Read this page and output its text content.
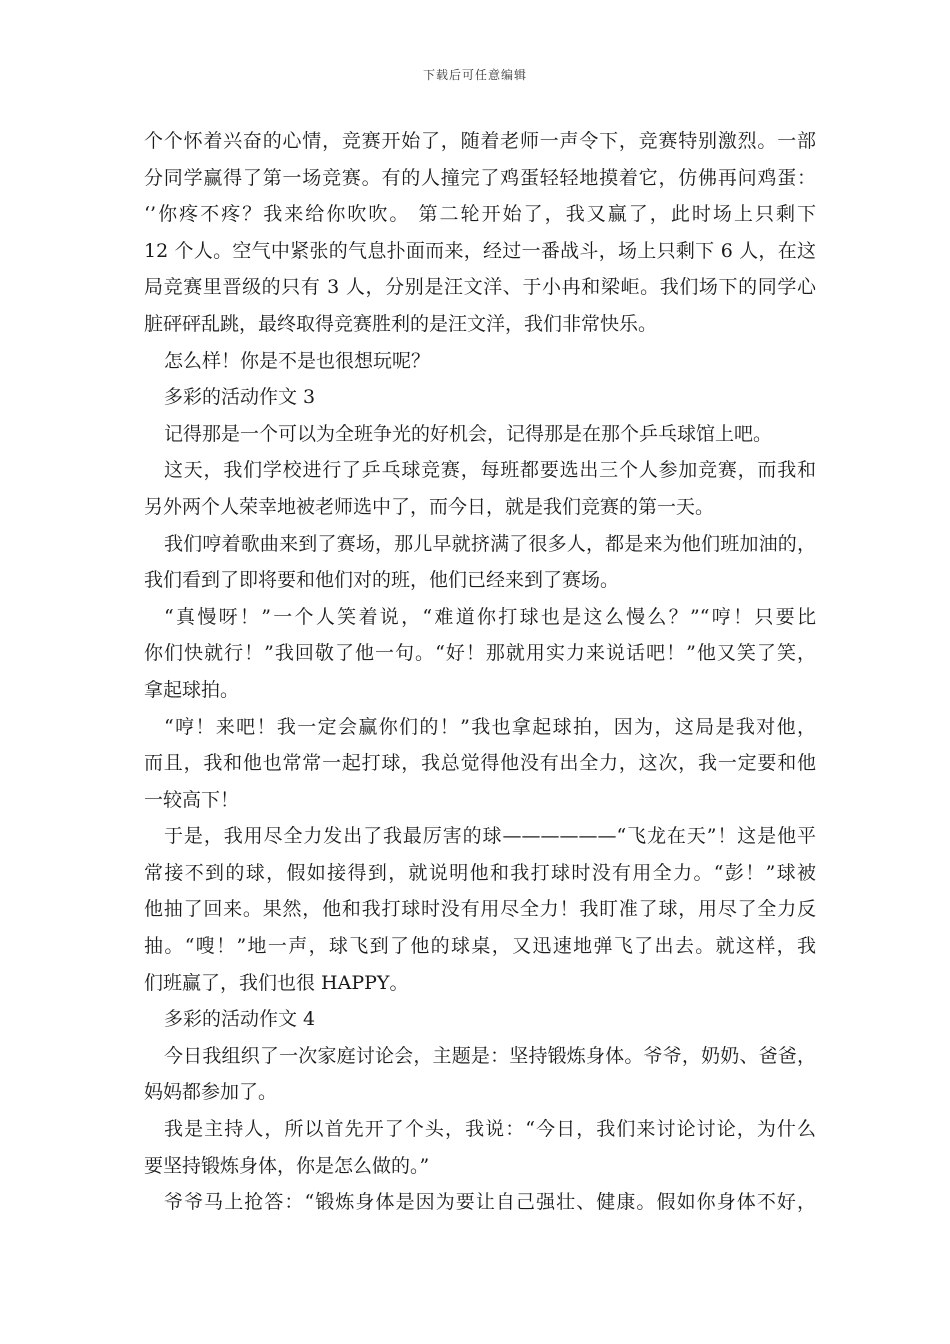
下载后可任意编辑
个个怀着兴奋的心情，竞赛开始了，随着老师一声令下，竞赛特别激烈。一部
分同学赢得了第一场竞赛。有的人撞完了鸡蛋轻轻地摸着它，仿佛再问鸡蛋：
‘’你疼不疼？我来给你吹吹。 第二轮开始了，我又赢了，此时场上只剩下
12 个人。空气中紧张的气息扑面而来，经过一番战斗，场上只剩下 6 人，在这
局竞赛里晋级的只有 3 人，分别是汪文洋、于小冉和梁岠。我们场下的同学心
脏砰砰乱跳，最终取得竞赛胜利的是汪文洋，我们非常快乐。
怎么样！你是不是也很想玩呢？
多彩的活动作文 3
记得那是一个可以为全班争光的好机会，记得那是在那个乒乓球馆上吧。
这天，我们学校进行了乒乓球竞赛，每班都要选出三个人参加竞赛，而我和
另外两个人荣幸地被老师选中了，而今日，就是我们竞赛的第一天。
我们哼着歌曲来到了赛场，那儿早就挤满了很多人，都是来为他们班加油的，
我们看到了即将要和他们对的班，他们已经来到了赛场。
“真慢呀！”一个人笑着说，“难道你打球也是这么慢么？”“哼！只要比
你们快就行！”我回敬了他一句。“好！那就用实力来说话吧！”他又笑了笑，
拿起球拍。
“哼！来吧！我一定会赢你们的！”我也拿起球拍，因为，这局是我对他，
而且，我和他也常常一起打球，我总觉得他没有出全力，这次，我一定要和他
一较高下！
于是，我用尽全力发出了我最厉害的球——————“飞龙在天”！这是他平
常接不到的球，假如接得到，就说明他和我打球时没有用全力。“彭！”球被
他抽了回来。果然，他和我打球时没有用尽全力！我盯准了球，用尽了全力反
抽。“嗖！”地一声，球飞到了他的球桌，又迅速地弹飞了出去。就这样，我
们班赢了，我们也很 HAPPY。
多彩的活动作文 4
今日我组织了一次家庭讨论会，主题是：坚持锻炼身体。爷爷，奶奶、爸爸，
妈妈都参加了。
我是主持人，所以首先开了个头，我说：“今日，我们来讨论讨论，为什么
要坚持锻炼身体，你是怎么做的。”
爷爷马上抢答：“锻炼身体是因为要让自己强壮、健康。假如你身体不好，
